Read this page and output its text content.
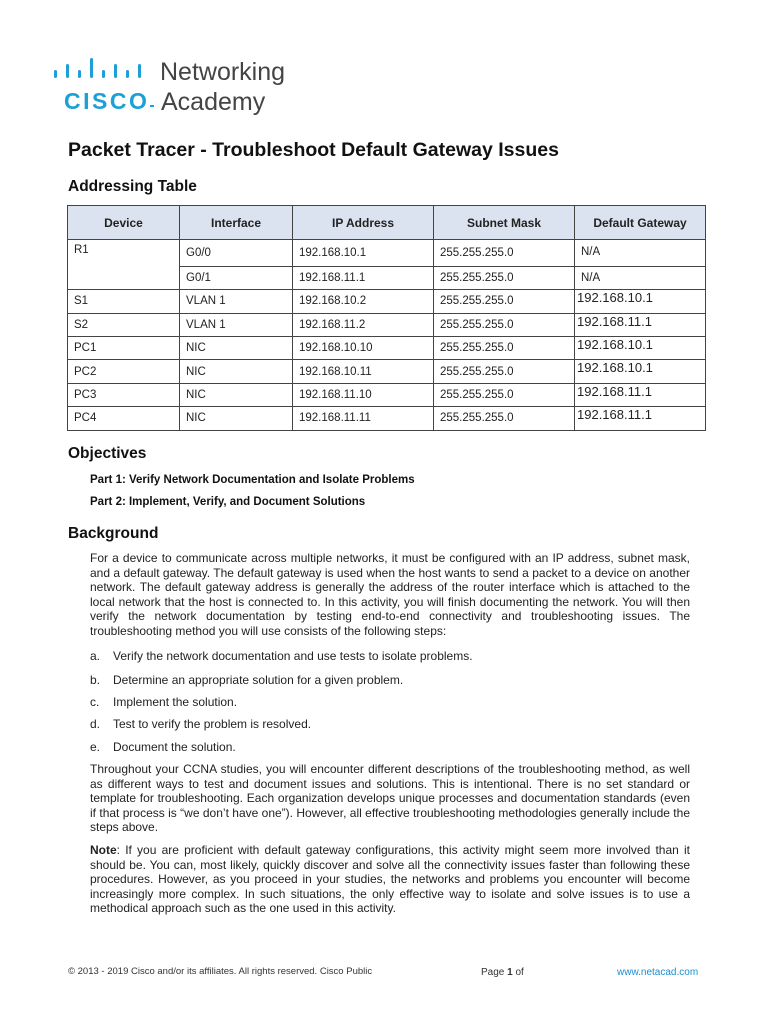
CISCO
Networking
Academy
Packet Tracer - Troubleshoot Default Gateway Issues
Addressing Table
Device	Interface	IP Address	Subnet Mask	Default Gateway
R1	G0/0	192.168.10.1	255.255.255.0	N/A
	G0/1	192.168.11.1	255.255.255.0	N/A
S1	VLAN 1	192.168.10.2	255.255.255.0	192.168.10.1
S2	VLAN 1	192.168.11.2	255.255.255.0	192.168.11.1
PC1	NIC	192.168.10.10	255.255.255.0	192.168.10.1
PC2	NIC	192.168.10.11	255.255.255.0	192.168.10.1
PC3	NIC	192.168.11.10	255.255.255.0	192.168.11.1
PC4	NIC	192.168.11.11	255.255.255.0	192.168.11.1
Objectives
Part 1: Verify Network Documentation and Isolate Problems
Part 2: Implement, Verify, and Document Solutions
Background
For a device to communicate across multiple networks, it must be configured with an IP address, subnet mask, and a default gateway. The default gateway is used when the host wants to send a packet to a device on another network. The default gateway address is generally the address of the router interface which is attached to the local network that the host is connected to. In this activity, you will finish documenting the network. You will then verify the network documentation by testing end-to-end connectivity and troubleshooting issues. The troubleshooting method you will use consists of the following steps:
a. Verify the network documentation and use tests to isolate problems.
b. Determine an appropriate solution for a given problem.
c. Implement the solution.
d. Test to verify the problem is resolved.
e. Document the solution.
Throughout your CCNA studies, you will encounter different descriptions of the troubleshooting method, as well as different ways to test and document issues and solutions. This is intentional. There is no set standard or template for troubleshooting. Each organization develops unique processes and documentation standards (even if that process is “we don’t have one”). However, all effective troubleshooting methodologies generally include the steps above.
Note: If you are proficient with default gateway configurations, this activity might seem more involved than it should be. You can, most likely, quickly discover and solve all the connectivity issues faster than following these procedures. However, as you proceed in your studies, the networks and problems you encounter will become increasingly more complex. In such situations, the only effective way to isolate and solve issues is to use a methodical approach such as the one used in this activity.
© 2013 - 2019 Cisco and/or its affiliates. All rights reserved. Cisco Public	Page 1 of	www.netacad.com
